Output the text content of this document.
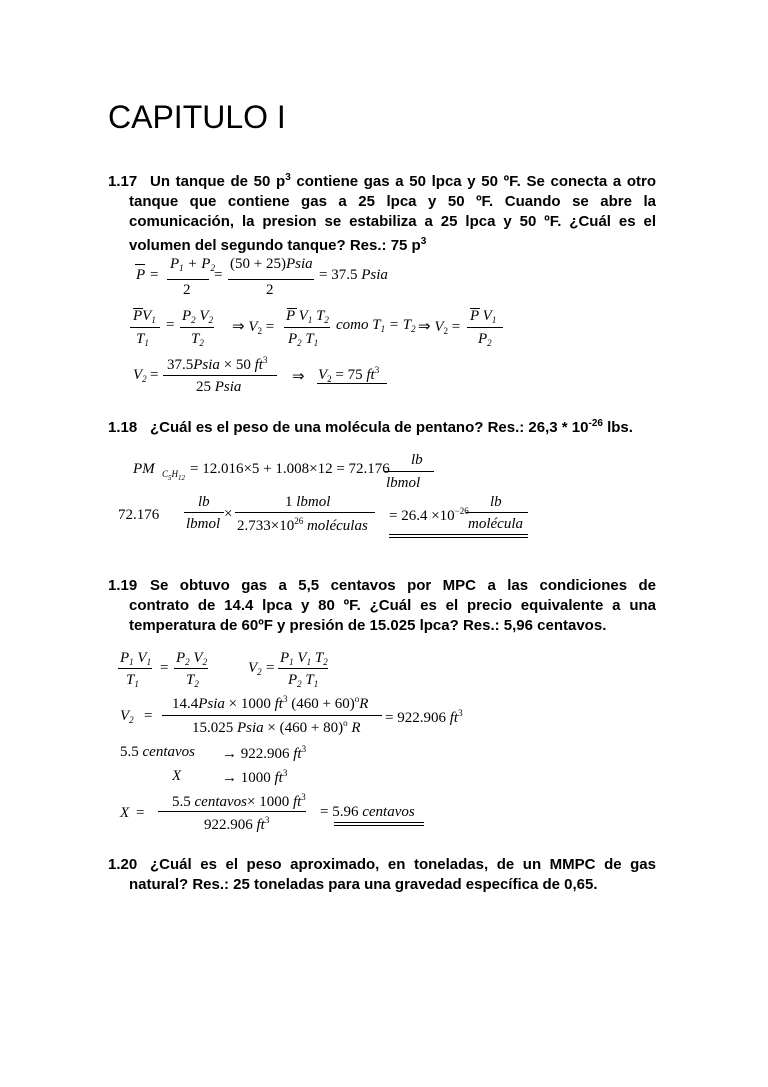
CAPITULO I
1.17 Un tanque de 50 $p^3$ contiene gas a 50 lpca y 50 ºF. Se conecta a otro
tanque que contiene gas a 25 lpca y 50 ºF. Cuando se abre la
comunicación, la presion se estabiliza a 25 lpca y 50 ºF. ¿Cuál es el
volumen del segundo tanque? Res.: 75 $p^3$
P =
$P_1 + P_2$
2
=
(50 + 25)Psia
2
= 37.5 Psia
$PV_1$
$T_1$
=
$P_2$ $V_2$
$T_2$
⇒ $V_2$ =
P $V_1$ $T_2$
$P_2$ $T_1$
como $T_1 = T_2$ ⇒ $V_2$ =
P $V_1$
$P_2$
$V_2$ =
37.5Psia × 50 $ft^3$
25 Psia
⇒ $V_2 = 75$ $ft^3$
1.18 ¿Cuál es el peso de una molécula de pentano? Res.: $26,3 * 10^{-26}$ lbs.
PM $C_5H_{12}$
= 12.016×5 + 1.008×12 = 72.176
lb
lbmol
72.176
lb
lbmol
×
1 lbmol
$2.733\times 10^{26}$ moléculas
= $26.4 \times 10^{-26}$
lb
molécula
1.19 Se obtuvo gas a 5,5 centavos por MPC a las condiciones de
contrato de 14.4 lpca y 80 ºF. ¿Cuál es el precio equivalente a una
temperatura de 60ºF y presión de 15.025 lpca? Res.: 5,96 centavos.
$P_1$ $V_1$
$T_1$
=
$P_2$ $V_2$
$T_2$
$V_2$ =
$P_1$ $V_1$ $T_2$
$P_2$ $T_1$
$V_2$ =
14.4Psia × 1000 $ft^3$ $(460 + 60)^oR$
15.025 Psia × $(460 + 80)^o$ R
= 922.906 $ft^3$
5.5 centavos → 922.906 $ft^3$
X	→ 1000 $ft^3$
X =
5.5 centavos× 1000 $ft^3$
922.906 $ft^3$	= 5.96 centavos
1.20 ¿Cuál es el peso aproximado, en toneladas, de un MMPC de gas
natural? Res.: 25 toneladas para una gravedad específica de 0,65.
